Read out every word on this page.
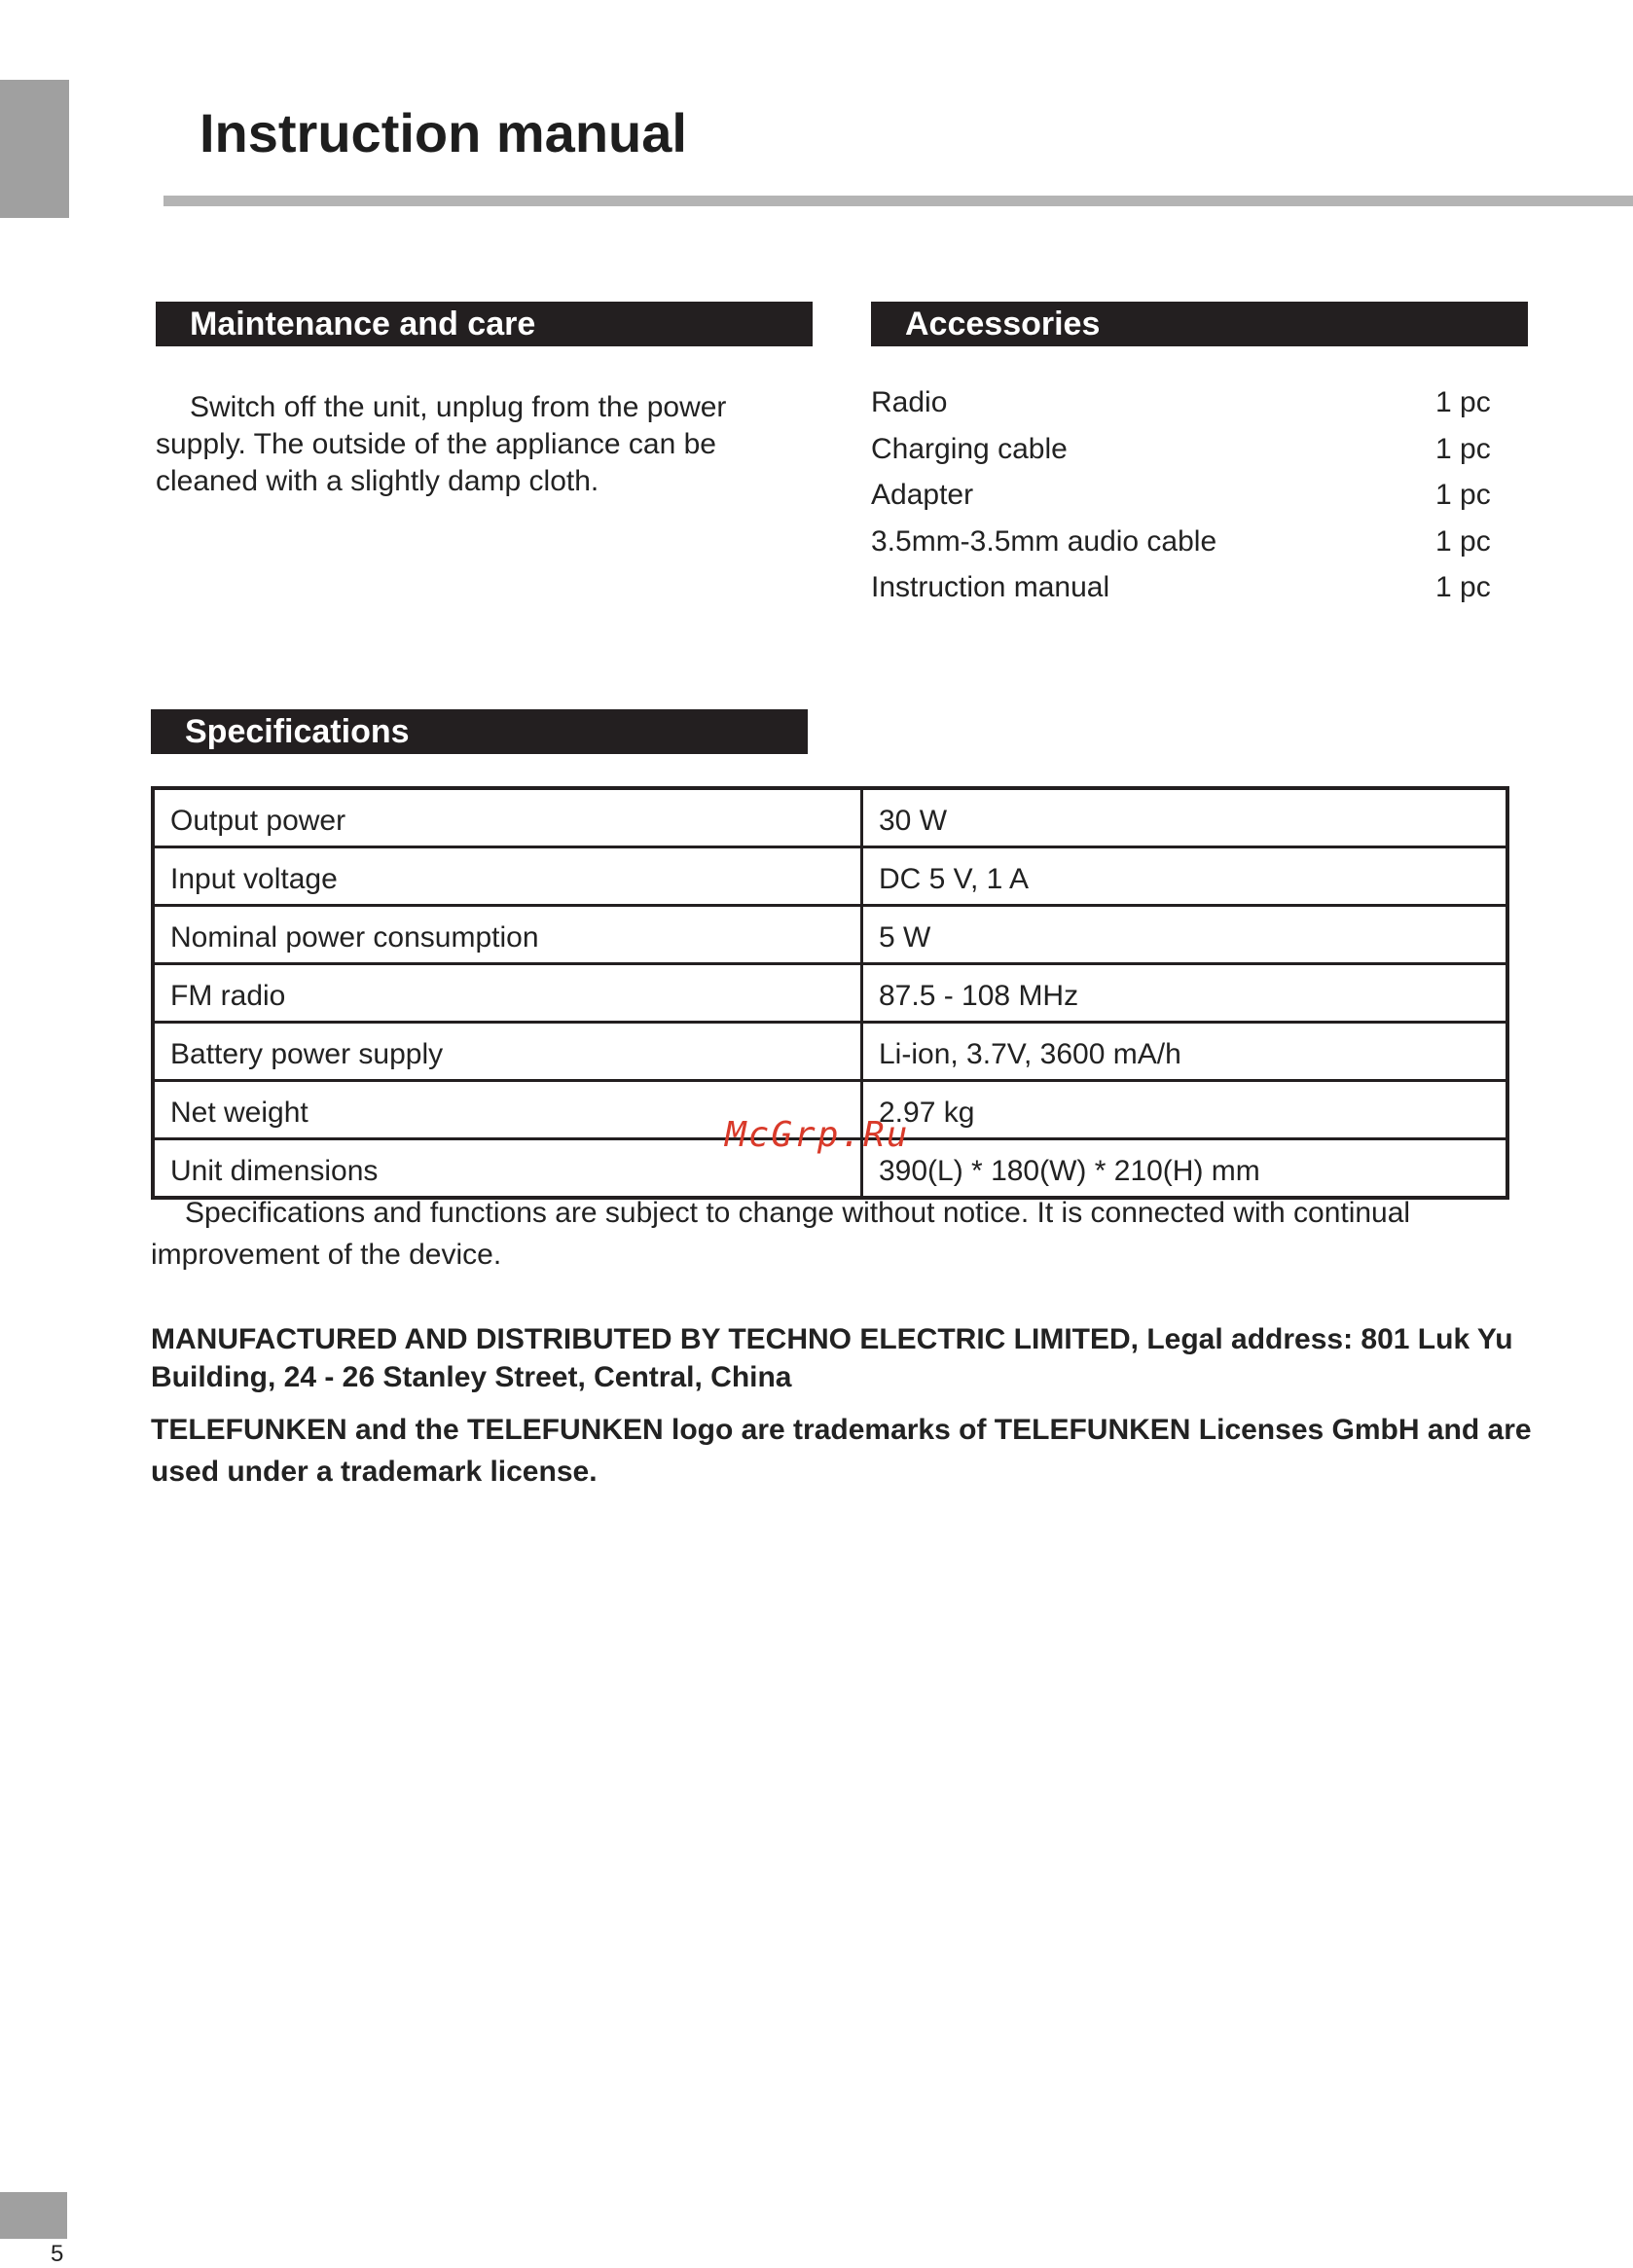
5
Instruction manual
Maintenance and care

Switch off the unit, unplug from the power supply. The outside of the appliance can be cleaned with a slightly damp cloth.

Accessories
Radio	1 pc
Charging cable	1 pc
Adapter	1 pc
3.5mm-3.5mm audio cable	1 pc
Instruction manual	1 pc
Specifications
Output power	30 W
Input voltage	DC 5 V, 1 A
Nominal power consumption	5 W
FM radio	87.5 - 108 MHz
Battery power supply	Li-ion, 3.7V, 3600 mA/h
Net weight	2.97 kg
Unit dimensions	390(L) * 180(W) * 210(H) mm
McGrp.Ru

Specifications and functions are subject to change without notice. It is connected with continual improvement of the device.

MANUFACTURED AND DISTRIBUTED BY TECHNO ELECTRIC LIMITED, Legal address: 801 Luk Yu Building, 24 - 26 Stanley Street, Central, China

TELEFUNKEN and the TELEFUNKEN logo are trademarks of TELEFUNKEN Licenses GmbH and are used under a trademark license.
